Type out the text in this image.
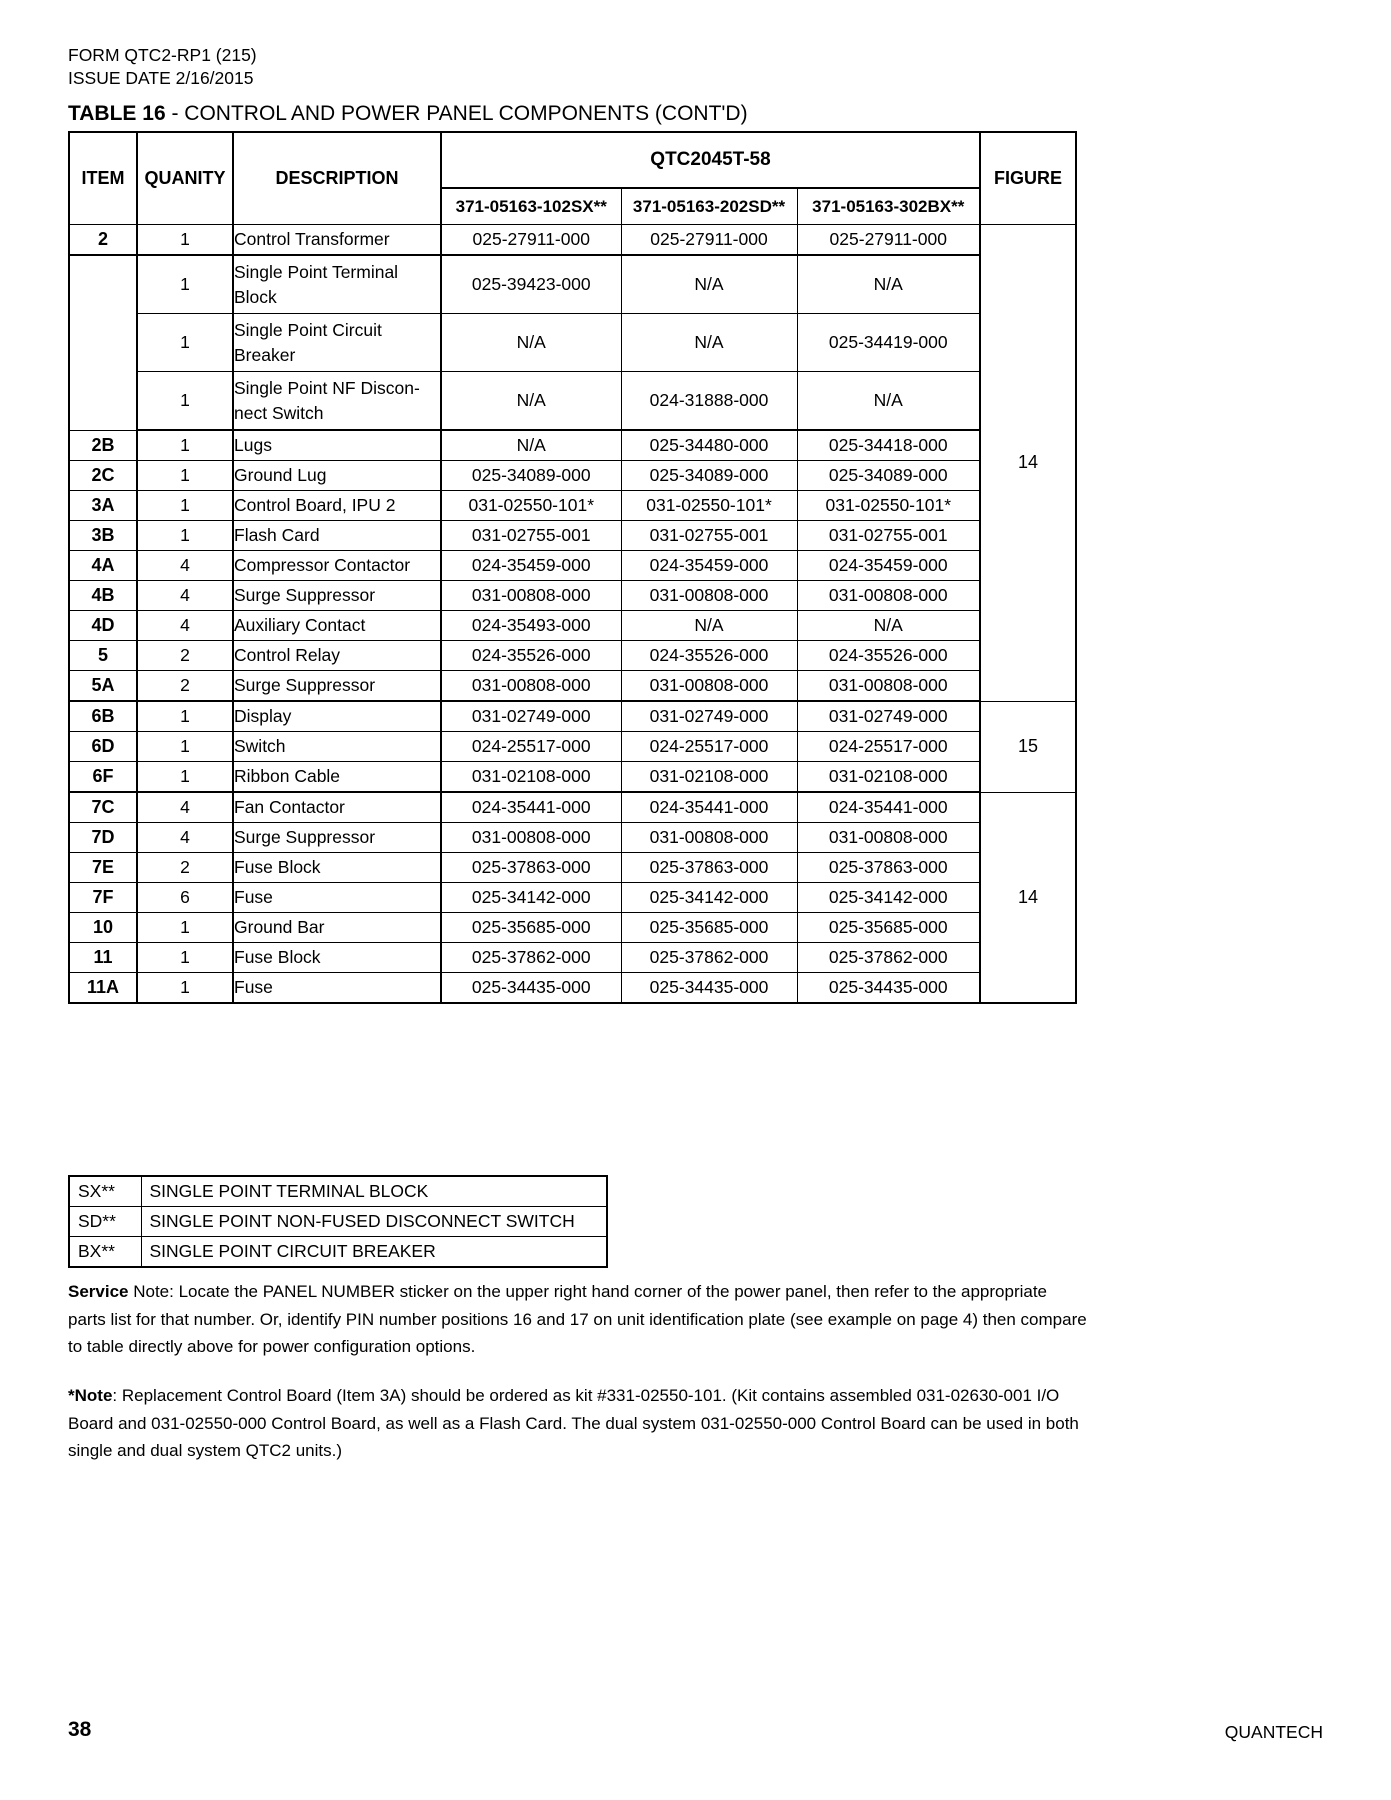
FORM QTC2-RP1 (215)
ISSUE DATE 2/16/2015
TABLE 16 - CONTROL AND POWER PANEL COMPONENTS (CONT'D)
ITEM	QUANITY	DESCRIPTION	QTC2045T-58			FIGURE
			371-05163-102SX**	371-05163-202SD**	371-05163-302BX**	
2	1	Control Transformer	025-27911-000	025-27911-000	025-27911-000	14
	1	Single Point Terminal Block	025-39423-000	N/A	N/A	
	1	Single Point Circuit Breaker	N/A	N/A	025-34419-000	
	1	Single Point NF Discon- nect Switch	N/A	024-31888-000	N/A	
2B	1	Lugs	N/A	025-34480-000	025-34418-000	
2C	1	Ground Lug	025-34089-000	025-34089-000	025-34089-000	
3A	1	Control Board, IPU 2	031-02550-101*	031-02550-101*	031-02550-101*	
3B	1	Flash Card	031-02755-001	031-02755-001	031-02755-001	
4A	4	Compressor Contactor	024-35459-000	024-35459-000	024-35459-000	
4B	4	Surge Suppressor	031-00808-000	031-00808-000	031-00808-000	
4D	4	Auxiliary Contact	024-35493-000	N/A	N/A	
5	2	Control Relay	024-35526-000	024-35526-000	024-35526-000	
5A	2	Surge Suppressor	031-00808-000	031-00808-000	031-00808-000	
6B	1	Display	031-02749-000	031-02749-000	031-02749-000	15
6D	1	Switch	024-25517-000	024-25517-000	024-25517-000	
6F	1	Ribbon Cable	031-02108-000	031-02108-000	031-02108-000	
7C	4	Fan Contactor	024-35441-000	024-35441-000	024-35441-000	14
7D	4	Surge Suppressor	031-00808-000	031-00808-000	031-00808-000	
7E	2	Fuse Block	025-37863-000	025-37863-000	025-37863-000	
7F	6	Fuse	025-34142-000	025-34142-000	025-34142-000	
10	1	Ground Bar	025-35685-000	025-35685-000	025-35685-000	
11	1	Fuse Block	025-37862-000	025-37862-000	025-37862-000	
11A	1	Fuse	025-34435-000	025-34435-000	025-34435-000	
SX**	SINGLE POINT TERMINAL BLOCK
SD**	SINGLE POINT NON-FUSED DISCONNECT SWITCH
BX**	SINGLE POINT CIRCUIT BREAKER
Service Note: Locate the PANEL NUMBER sticker on the upper right hand corner of the power panel, then refer to the appropriate parts list for that number. Or, identify PIN number positions 16 and 17 on unit identification plate (see example on page 4) then compare to table directly above for power configuration options.
*Note: Replacement Control Board (Item 3A) should be ordered as kit #331-02550-101. (Kit contains assembled 031-02630-001 I/O Board and 031-02550-000 Control Board, as well as a Flash Card. The dual system 031-02550-000 Control Board can be used in both single and dual system QTC2 units.)
38	QUANTECH
